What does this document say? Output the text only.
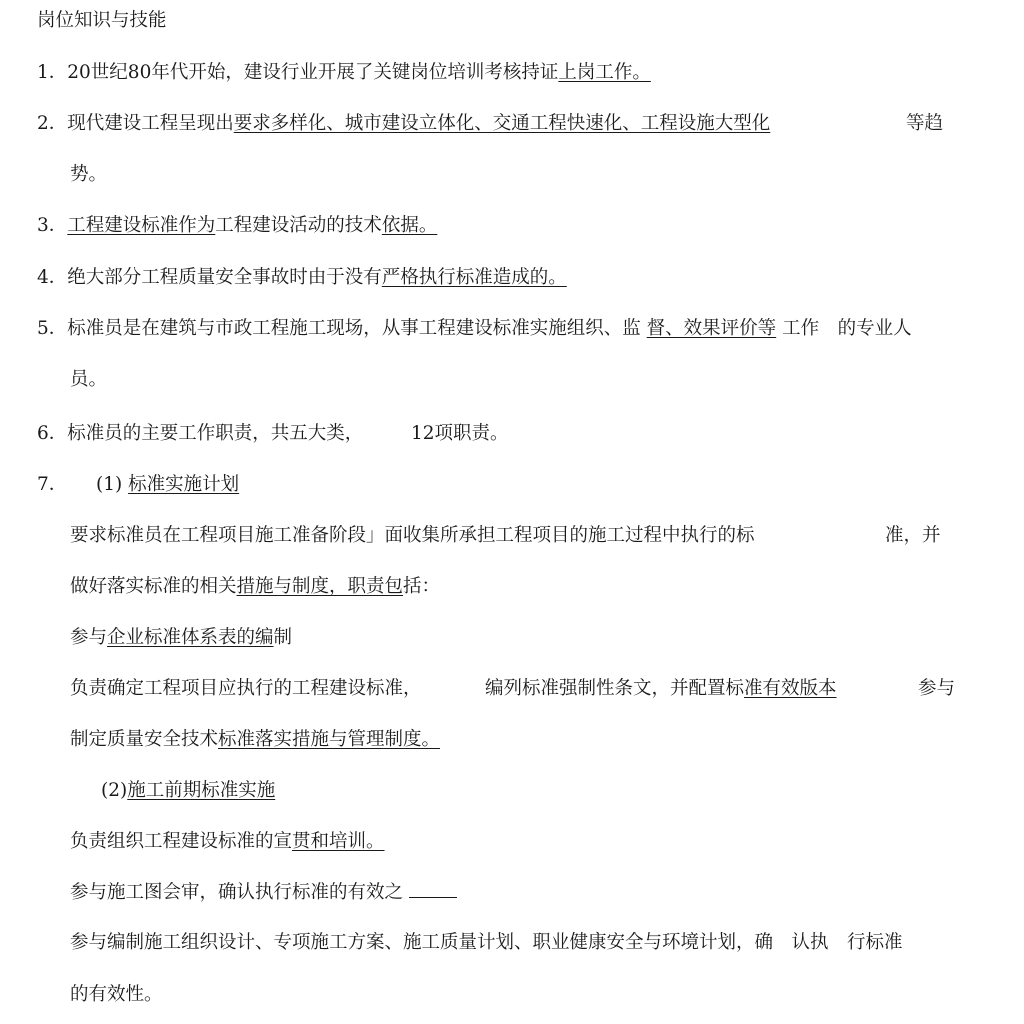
岗位知识与技能
1．20世纪80年代开始，建设行业开展了关键岗位培训考核持证上岗工作。
2．现代建设工程呈现出要求多样化、城市建设立体化、交通工程快速化、工程设施大型化	等趋
势。
3．工程建设标准作为工程建设活动的技术依据。
4．绝大部分工程质量安全事故时由于没有严格执行标准造成的。
5．标准员是在建筑与市政工程施工现场，从事工程建设标准实施组织、监 督、效果评价等 工作　的专业人
员。
6．标准员的主要工作职责，共五大类，	12项职责。
7． (1) 标准实施计划
要求标准员在工程项目施工准备阶段」面收集所承担工程项目的施工过程中执行的标	准，并
做好落实标准的相关措施与制度，职责包括：
参与企业标准体系表的编制
负责确定工程项目应执行的工程建设标准，	编列标准强制性条文，并配置标准有效版本	参与
制定质量安全技术标准落实措施与管理制度。
(2)施工前期标准实施
负责组织工程建设标准的宣贯和培训。
参与施工图会审，确认执行标准的有效之
参与编制施工组织设计、专项施工方案、施工质量计划、职业健康安全与环境计划，确　认执　行标准
的有效性。
